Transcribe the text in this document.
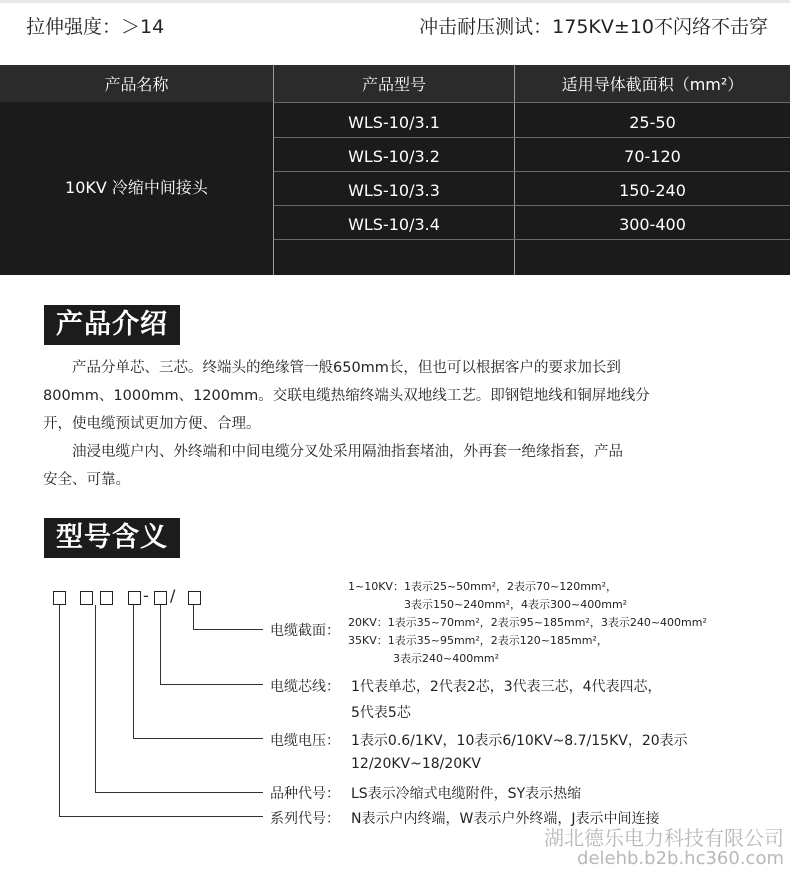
拉伸强度：＞14	冲击耐压测试：175KV±10不闪络不击穿
产品名称	产品型号	适用导体截面积（mm²）
10KV 冷缩中间接头
WLS-10/3.1	25-50
WLS-10/3.2	70-120
WLS-10/3.3	150-240
WLS-10/3.4	300-400
产品介绍

产品分单芯、三芯。终端头的绝缘管一般650mm长，但也可以根据客户的要求加长到

800mm、1000mm、1200mm。交联电缆热缩终端头双地线工艺。即钢铠地线和铜屏地线分

开，使电缆预试更加方便、合理。

油浸电缆户内、外终端和中间电缆分叉处采用隔油指套堵油，外再套一绝缘指套，产品

安全、可靠。

型号含义
- /	1~10KV：1表示25~50mm²，2表示70~120mm²，
3表示150~240mm²，4表示300~400mm²
20KV：1表示35~70mm²，2表示95~185mm²，3表示240~400mm²
35KV：1表示35~95mm²，2表示120~185mm²，
3表示240~400mm²
电缆截面：
电缆芯线： 1代表单芯，2代表2芯，3代表三芯，4代表四芯，
5代表5芯
电缆电压： 1表示0.6/1KV，10表示6/10KV~8.7/15KV，20表示
12/20KV~18/20KV
品种代号： LS表示冷缩式电缆附件，SY表示热缩
系列代号： N表示户内终端，W表示户外终端，J表示中间连接
湖北德乐电力科技有限公司
delehb.b2b.hc360.com
